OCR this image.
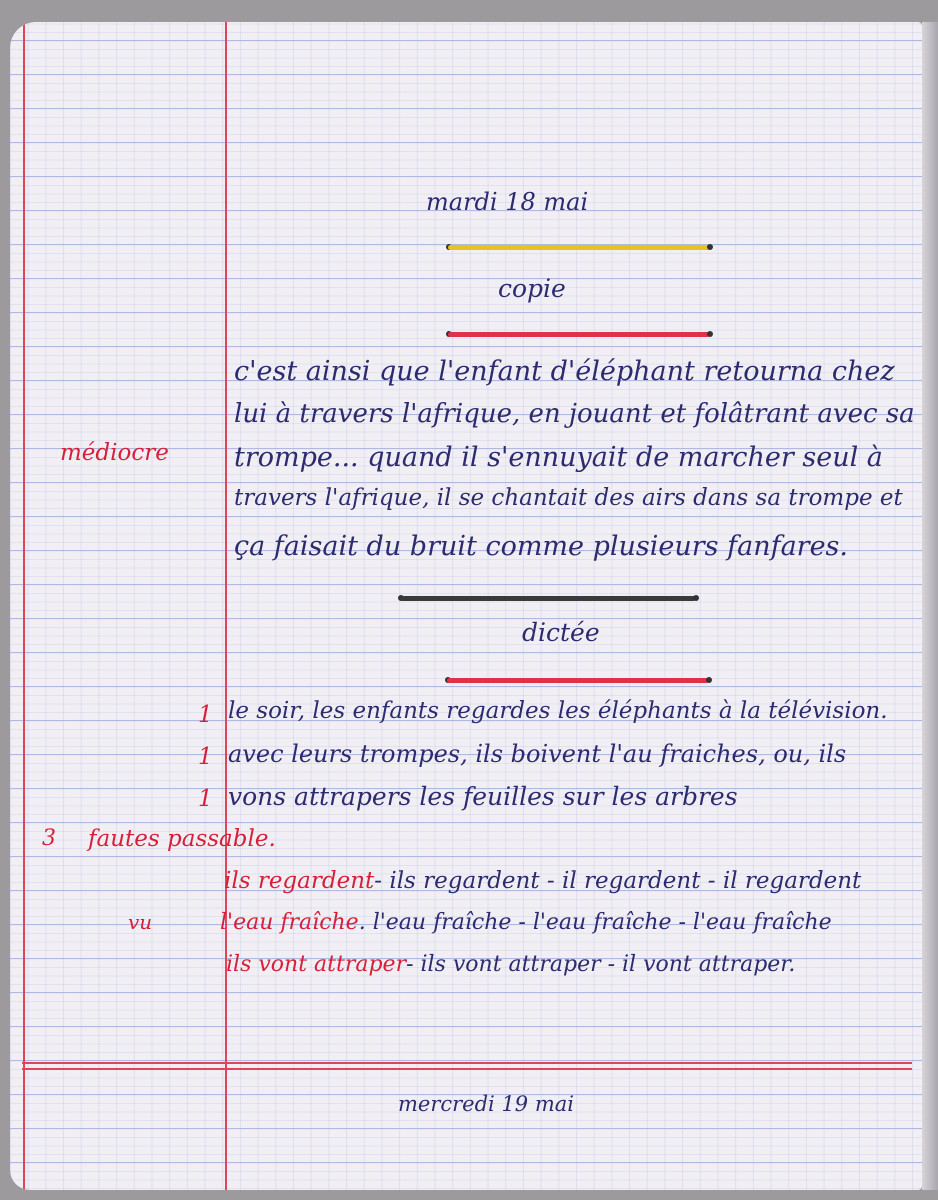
mardi 18 mai
copie
médiocre
c'est ainsi que l'enfant d'éléphant retourna chez
lui à travers l'afrique, en jouant et folâtrant avec sa
trompe... quand il s'ennuyait de marcher seul à
travers l'afrique, il se chantait des airs dans sa trompe et
ça faisait du bruit comme plusieurs fanfares.
dictée
1
1
1
le soir, les enfants regardes les éléphants à la télévision.
avec leurs trompes, ils boivent l'au fraiches, ou, ils
vons attrapers les feuilles sur les arbres
3 fautes passable.
vu
ils regardent- ils regardent - il regardent - il regardent
l'eau fraîche. l'eau fraîche - l'eau fraîche - l'eau fraîche
ils vont attraper- ils vont attraper - il vont attraper.
mercredi 19 mai
